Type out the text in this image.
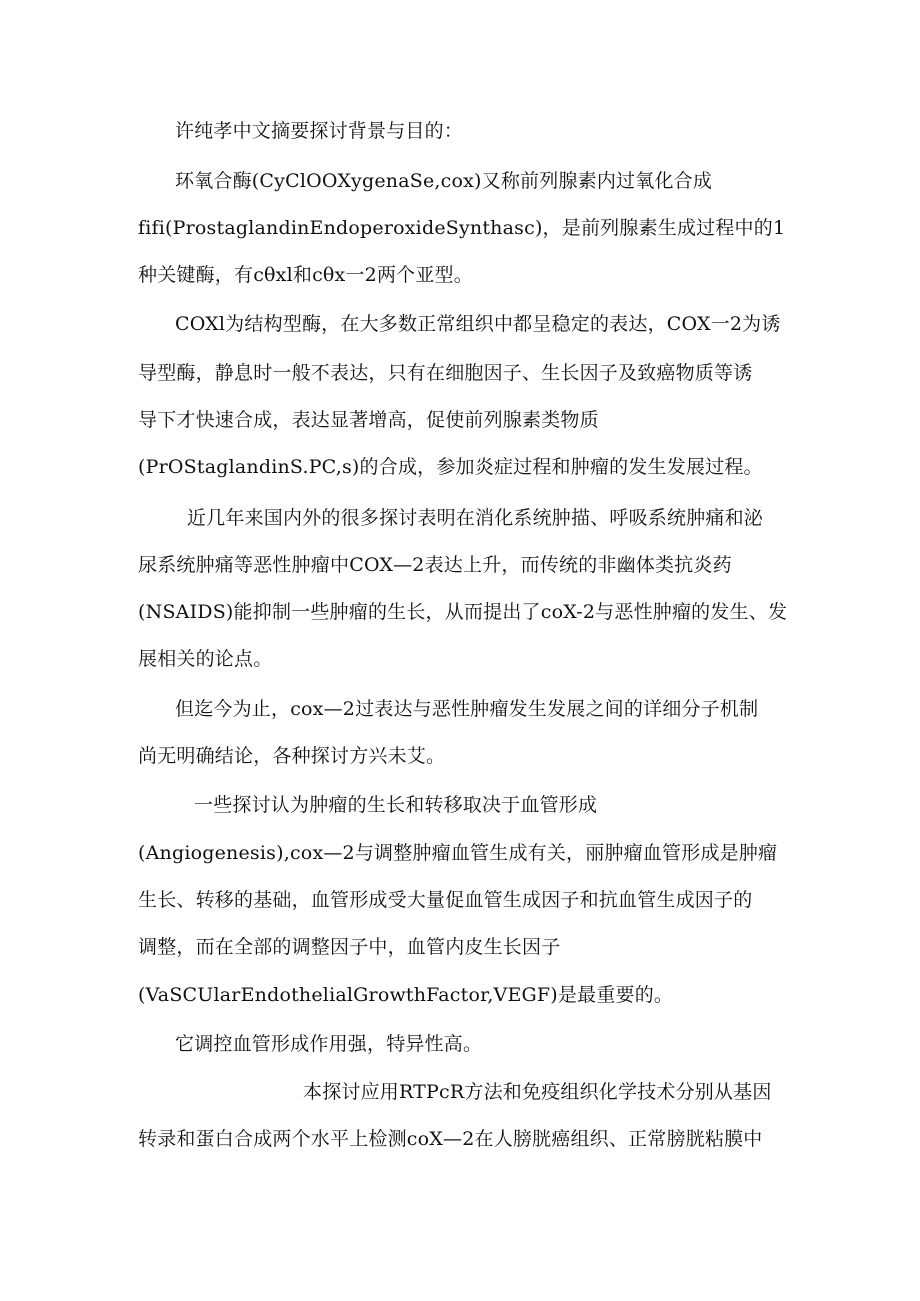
许纯孝中文摘要探讨背景与目的：
环氧合酶(CyClOOXygenaSe,cox)又称前列腺素内过氧化合成
fifi(ProstaglandinEndoperoxideSynthasc)，是前列腺素生成过程中的1
种关键酶，有cθxl和cθx一2两个亚型。
COXl为结构型酶，在大多数正常组织中都呈稳定的表达，COX一2为诱
导型酶，静息时一般不表达，只有在细胞因子、生长因子及致癌物质等诱
导下才快速合成，表达显著增高，促使前列腺素类物质
(PrOStaglandinS.PC,s)的合成，参加炎症过程和肿瘤的发生发展过程。
近几年来国内外的很多探讨表明在消化系统肿描、呼吸系统肿痛和泌
尿系统肿痛等恶性肿瘤中COX—2表达上升，而传统的非幽体类抗炎药
(NSAIDS)能抑制一些肿瘤的生长，从而提出了coX-2与恶性肿瘤的发生、发
展相关的论点。
但迄今为止，cox—2过表达与恶性肿瘤发生发展之间的详细分子机制
尚无明确结论，各种探讨方兴未艾。
一些探讨认为肿瘤的生长和转移取决于血管形成
(Angiogenesis),cox—2与调整肿瘤血管生成有关，丽肿瘤血管形成是肿瘤
生长、转移的基础，血管形成受大量促血管生成因子和抗血管生成因子的
调整，而在全部的调整因子中，血管内皮生长因子
(VaSCUlarEndothelialGrowthFactor,VEGF)是最重要的。
它调控血管形成作用强，特异性高。
本探讨应用RTPcR方法和免疫组织化学技术分别从基因
转录和蛋白合成两个水平上检测coX—2在人膀胱癌组织、正常膀胱粘膜中
